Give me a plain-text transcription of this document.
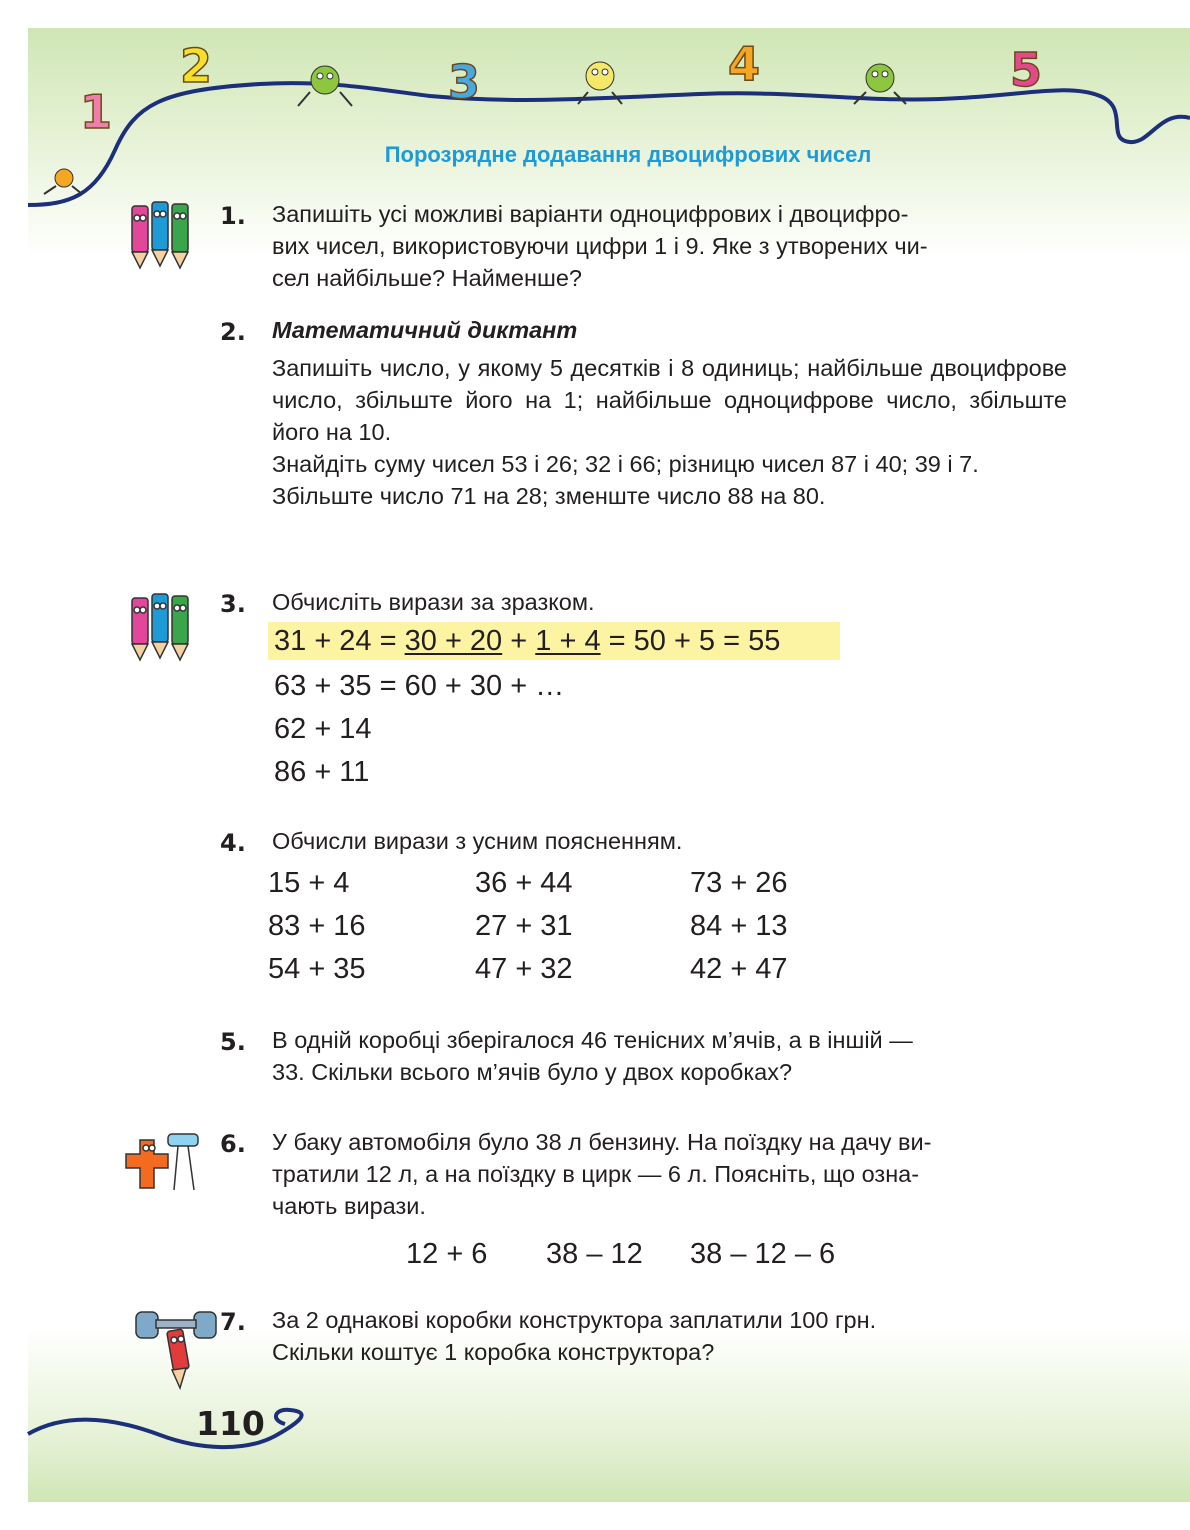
1
2	3	4	5
Порозрядне додавання двоцифрових чисел
1.	Запишіть усі можливі варіанти одноцифрових і двоцифро-

вих чисел, використовуючи цифри 1 і 9. Яке з утворених чи-

сел найбільше? Найменше?

2.	Математичний диктант

Запишіть число, у якому 5 десятків і 8 одиниць; найбільше двоцифрове число, збільште його на 1; найбільше одноцифрове число, збільште його на 10.

Знайдіть суму чисел 53 і 26; 32 і 66; різницю чисел 87 і 40; 39 і 7.

Збільште число 71 на 28; зменште число 88 на 80.

3.	Обчисліть вирази за зразком.
31 + 24 = 30 + 20 + 1 + 4 = 50 + 5 = 55
63 + 35 = 60 + 30 + …
62 + 14
86 + 11
4.	Обчисли вирази з усним поясненням.
15 + 4	36 + 44	73 + 26
83 + 16	27 + 31	84 + 13
54 + 35	47 + 32	42 + 47
5.	В одній коробці зберігалося 46 тенісних м’ячів, а в іншій —

33. Скільки всього м’ячів було у двох коробках?

6.	У баку автомобіля було 38 л бензину. На поїздку на дачу ви-

тратили 12 л, а на поїздку в цирк — 6 л. Поясніть, що озна-

чають вирази.

12 + 6 38 – 12 38 – 12 – 6
7.	За 2 однакові коробки конструктора заплатили 100 грн.

Скільки коштує 1 коробка конструктора?

110
